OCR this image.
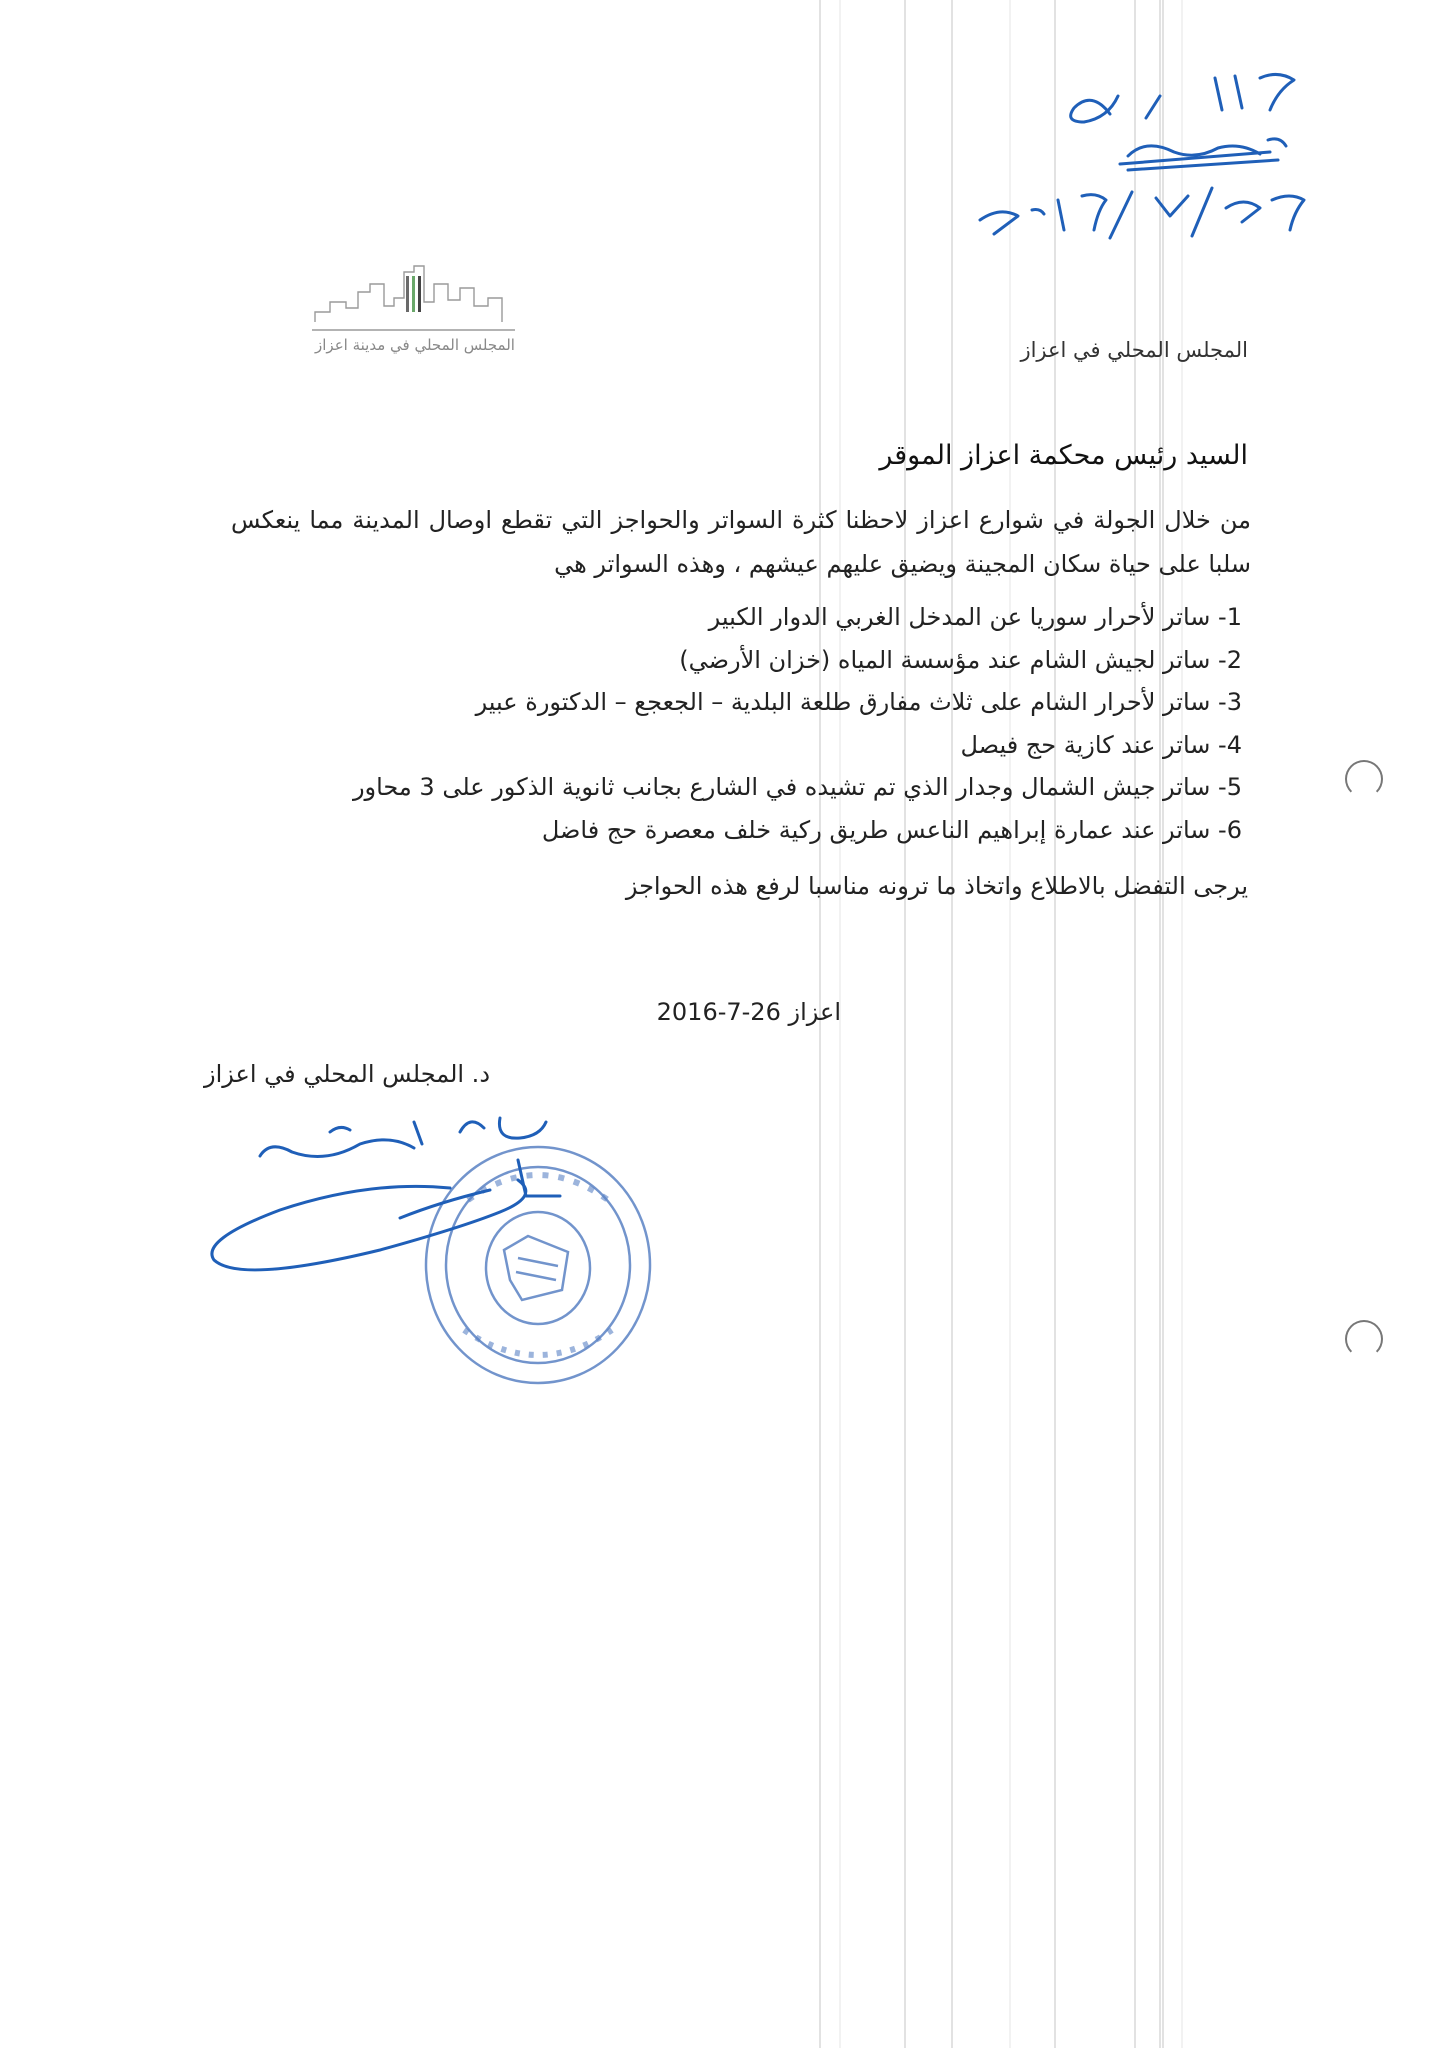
المجلس المحلي في مدينة اعزاز	المجلس المحلي في اعزاز
السيد رئيس محكمة اعزاز الموقر
من خلال الجولة في شوارع اعزاز لاحظنا كثرة السواتر والحواجز التي تقطع اوصال المدينة مما ينعكس سلبا على حياة سكان المجينة ويضيق عليهم عيشهم ، وهذه السواتر هي
1- ساتر لأحرار سوريا عن المدخل الغربي الدوار الكبير
2- ساتر لجيش الشام عند مؤسسة المياه (خزان الأرضي)
3- ساتر لأحرار الشام على ثلاث مفارق طلعة البلدية – الجعجع – الدكتورة عبير
4- ساتر عند كازية حج فيصل
5- ساتر جيش الشمال وجدار الذي تم تشيده في الشارع بجانب ثانوية الذكور على 3 محاور
6- ساتر عند عمارة إبراهيم الناعس طريق ركية خلف معصرة حج فاضل
يرجى التفضل بالاطلاع واتخاذ ما ترونه مناسبا لرفع هذه الحواجز
اعزاز 2016-7-26
د. المجلس المحلي في اعزاز
